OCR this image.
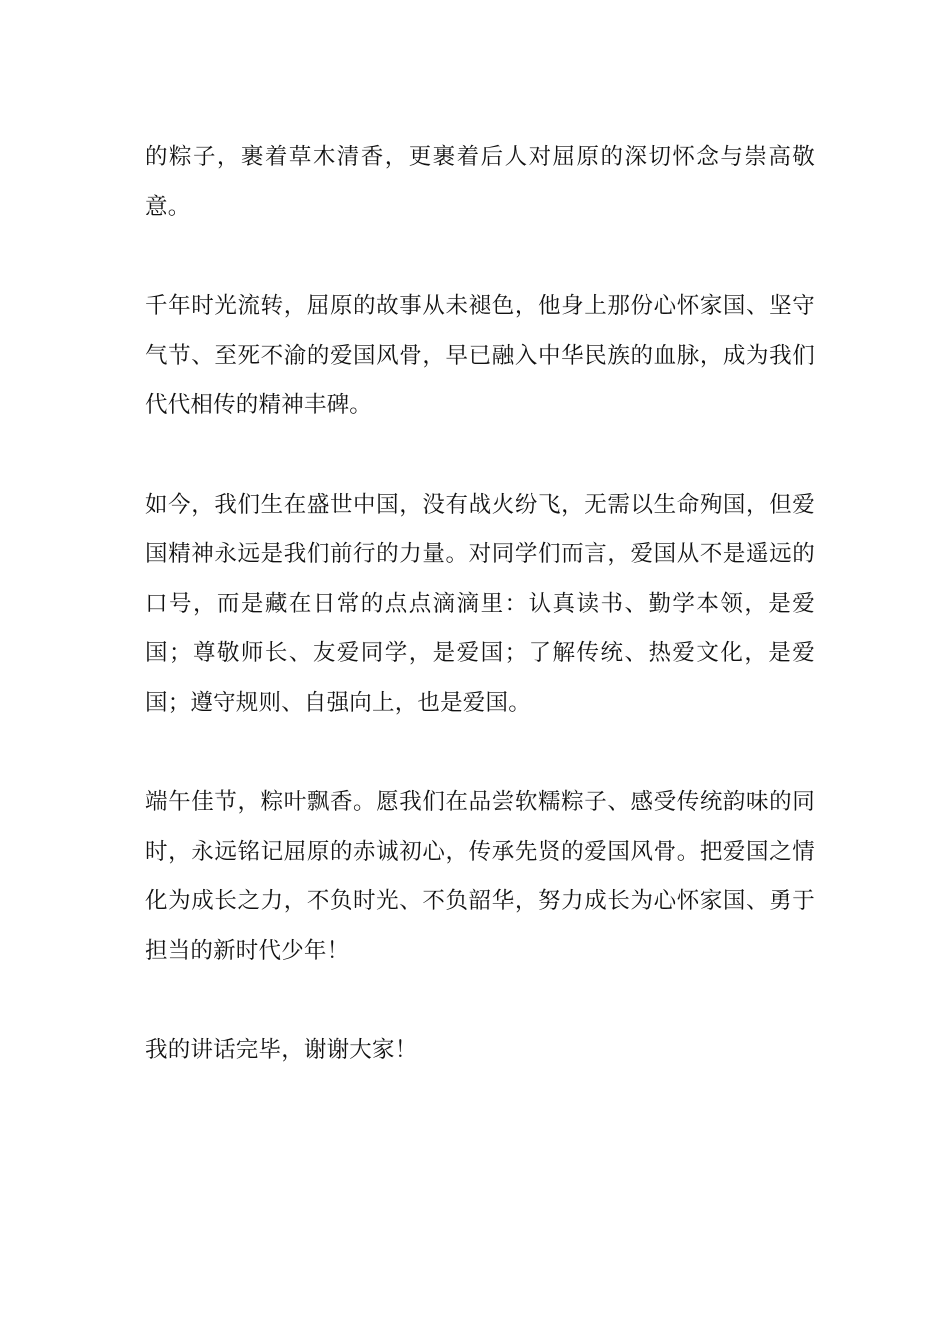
的粽子，裹着草木清香，更裹着后人对屈原的深切怀念与崇高敬意。

千年时光流转，屈原的故事从未褪色，他身上那份心怀家国、坚守气节、至死不渝的爱国风骨，早已融入中华民族的血脉，成为我们代代相传的精神丰碑。

如今，我们生在盛世中国，没有战火纷飞，无需以生命殉国，但爱国精神永远是我们前行的力量。对同学们而言，爱国从不是遥远的口号，而是藏在日常的点点滴滴里：认真读书、勤学本领，是爱国；尊敬师长、友爱同学，是爱国；了解传统、热爱文化，是爱国；遵守规则、自强向上，也是爱国。

端午佳节，粽叶飘香。愿我们在品尝软糯粽子、感受传统韵味的同时，永远铭记屈原的赤诚初心，传承先贤的爱国风骨。把爱国之情化为成长之力，不负时光、不负韶华，努力成长为心怀家国、勇于担当的新时代少年！

我的讲话完毕，谢谢大家！
